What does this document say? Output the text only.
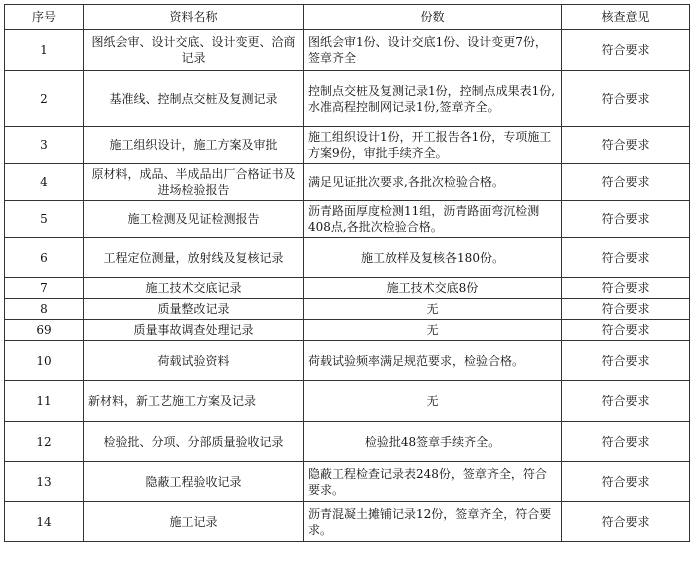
序号	资料名称	份数	核查意见
1	图纸会审、设计交底、设计变更、洽商记录	图纸会审1份、设计交底1份、设计变更7份，签章齐全	符合要求
2	基准线、控制点交桩及复测记录	控制点交桩及复测记录1份，控制点成果表1份,水准高程控制网记录1份,签章齐全。	符合要求
3	施工组织设计，施工方案及审批	施工组织设计1份，开工报告各1份，专项施工方案9份，审批手续齐全。	符合要求
4	原材料，成品、半成品出厂合格证书及进场检验报告	满足见证批次要求,各批次检验合格。	符合要求
5	施工检测及见证检测报告	沥青路面厚度检测11组，沥青路面弯沉检测408点,各批次检验合格。	符合要求
6	工程定位测量，放射线及复核记录	施工放样及复核各180份。	符合要求
7	施工技术交底记录	施工技术交底8份	符合要求
8	质量整改记录	无	符合要求
69	质量事故调查处理记录	无	符合要求
10	荷载试验资料	荷载试验频率满足规范要求，检验合格。	符合要求
11	新材料，新工艺施工方案及记录	无	符合要求
12	检验批、分项、分部质量验收记录	检验批48签章手续齐全。	符合要求
13	隐蔽工程验收记录	隐蔽工程检查记录表248份，签章齐全，符合要求。	符合要求
14	施工记录	沥青混凝土摊铺记录12份，签章齐全，符合要求。	符合要求
